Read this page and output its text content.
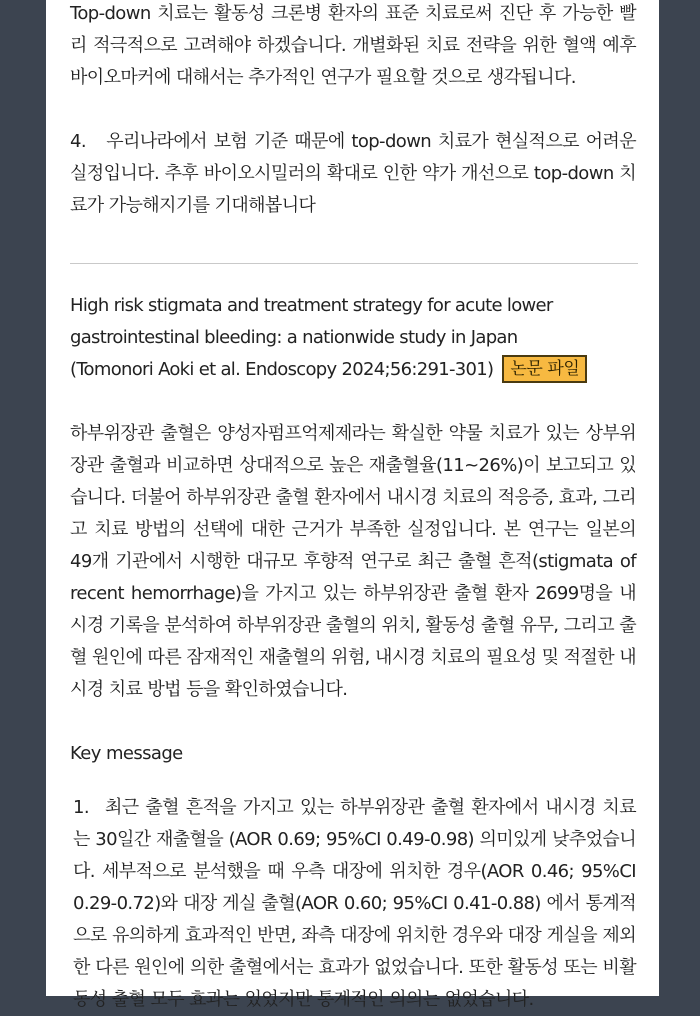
Top-down 치료는 활동성 크론병 환자의 표준 치료로써 진단 후 가능한 빨리 적극적으로 고려해야 하겠습니다. 개별화된 치료 전략을 위한 혈액 예후 바이오마커에 대해서는 추가적인 연구가 필요할 것으로 생각됩니다.

4. 우리나라에서 보험 기준 때문에 top-down 치료가 현실적으로 어려운 실정입니다. 추후 바이오시밀러의 확대로 인한 약가 개선으로 top-down 치료가 가능해지기를 기대해봅니다

High risk stigmata and treatment strategy for acute lower gastrointestinal bleeding: a nationwide study in Japan
(Tomonori Aoki et al. Endoscopy 2024;56:291-301) 논문 파일

하부위장관 출혈은 양성자펌프억제제라는 확실한 약물 치료가 있는 상부위장관 출혈과 비교하면 상대적으로 높은 재출혈율(11~26%)이 보고되고 있습니다. 더불어 하부위장관 출혈 환자에서 내시경 치료의 적응증, 효과, 그리고 치료 방법의 선택에 대한 근거가 부족한 실정입니다. 본 연구는 일본의 49개 기관에서 시행한 대규모 후향적 연구로 최근 출혈 흔적(stigmata of recent hemorrhage)을 가지고 있는 하부위장관 출혈 환자 2699명을 내시경 기록을 분석하여 하부위장관 출혈의 위치, 활동성 출혈 유무, 그리고 출혈 원인에 따른 잠재적인 재출혈의 위험, 내시경 치료의 필요성 및 적절한 내시경 치료 방법 등을 확인하였습니다.

Key message

1. 최근 출혈 흔적을 가지고 있는 하부위장관 출혈 환자에서 내시경 치료는 30일간 재출혈을 (AOR 0.69; 95%CI 0.49-0.98) 의미있게 낮추었습니다. 세부적으로 분석했을 때 우측 대장에 위치한 경우(AOR 0.46; 95%CI 0.29-0.72)와 대장 게실 출혈(AOR 0.60; 95%CI 0.41-0.88) 에서 통계적으로 유의하게 효과적인 반면, 좌측 대장에 위치한 경우와 대장 게실을 제외한 다른 원인에 의한 출혈에서는 효과가 없었습니다. 또한 활동성 또는 비활동성 출혈 모두 효과는 있었지만 통계적인 의의는 없었습니다.
